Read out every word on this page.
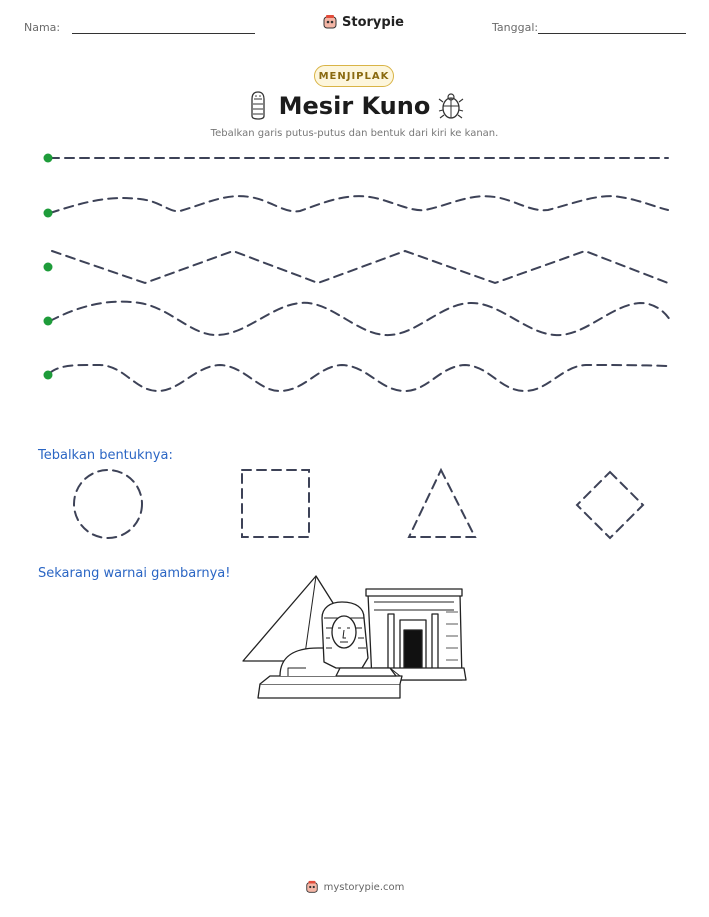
Nama:	Storypie	Tanggal:
MENJIPLAK
Mesir Kuno
Tebalkan garis putus-putus dan bentuk dari kiri ke kanan.
Tebalkan bentuknya:
Sekarang warnai gambarnya!
mystorypie.com
